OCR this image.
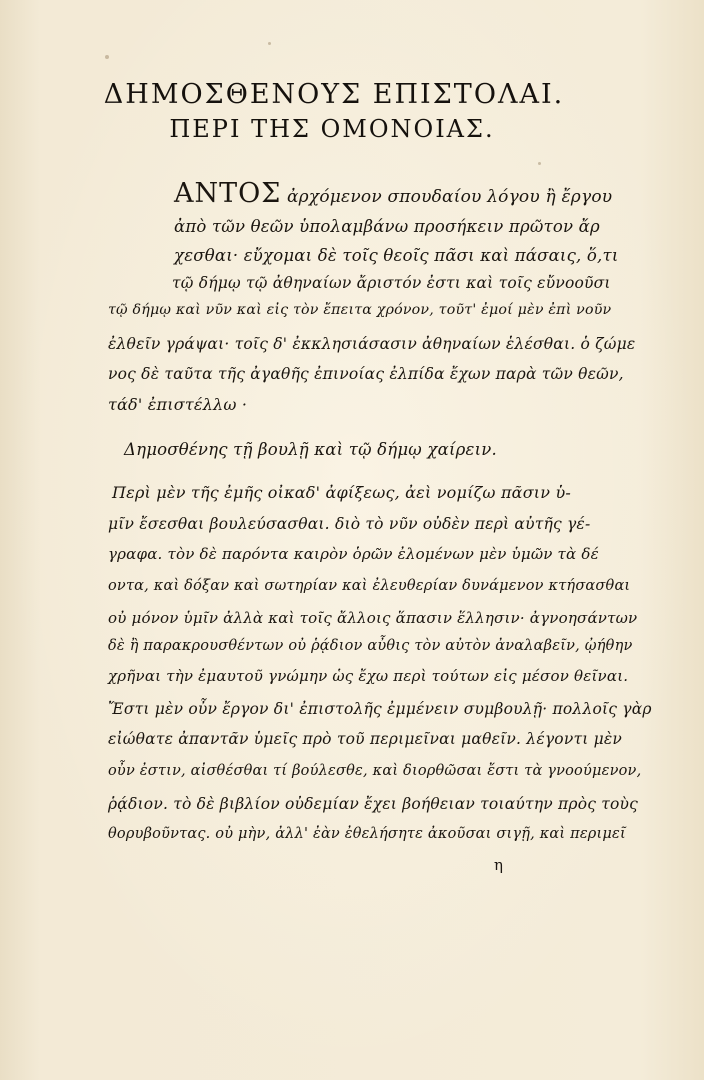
ΔΗΜΟΣΘΕΝΟΥΣ ΕΠΙΣΤΟΛΑΙ.
ΠΕΡΙ ΤΗΣ ΟΜΟΝΟΙΑΣ.
ΑΝΤΟΣ ἀρχόμενον σπουδαίου λόγου ἢ ἔργου
ἀπὸ τῶν θεῶν ὑπολαμβάνω προσήκειν πρῶτον ἄρ
χεσθαι· εὔχομαι δὲ τοῖς θεοῖς πᾶσι καὶ πάσαις, ὅ,τι
τῷ δήμῳ τῷ ἀθηναίων ἄριστόν ἐστι καὶ τοῖς εὔνοοῦσι
τῷ δήμῳ καὶ νῦν καὶ εἰς τὸν ἔπειτα χρόνον, τοῦτ' ἐμοί μὲν ἐπὶ νοῦν
ἐλθεῖν γράψαι· τοῖς δ' ἐκκλησιάσασιν ἀθηναίων ἑλέσθαι. ὁ ζώμε
νος δὲ ταῦτα τῆς ἀγαθῆς ἐπινοίας ἐλπίδα ἔχων παρὰ τῶν θεῶν,
τάδ' ἐπιστέλλω ·
Δημοσθένης τῇ βουλῇ καὶ τῷ δήμῳ χαίρειν.
Περὶ μὲν τῆς ἐμῆς οἰκαδ' ἀφίξεως, ἀεὶ νομίζω πᾶσιν ὑ-
μῖν ἔσεσθαι βουλεύσασθαι. διὸ τὸ νῦν οὐδὲν περὶ αὐτῆς γέ-
γραφα. τὸν δὲ παρόντα καιρὸν ὁρῶν ἐλομένων μὲν ὑμῶν τὰ δέ
οντα, καὶ δόξαν καὶ σωτηρίαν καὶ ἐλευθερίαν δυνάμενον κτήσασθαι
οὐ μόνον ὑμῖν ἀλλὰ καὶ τοῖς ἄλλοις ἅπασιν ἕλλησιν· ἀγνοησάντων
δὲ ἢ παρακρουσθέντων οὐ ῥᾴδιον αὖθις τὸν αὐτὸν ἀναλαβεῖν, ᾠήθην
χρῆναι τὴν ἐμαυτοῦ γνώμην ὡς ἔχω περὶ τούτων εἰς μέσον θεῖναι.
Ἔστι μὲν οὖν ἔργον δι' ἐπιστολῆς ἐμμένειν συμβουλῇ· πολλοῖς γὰρ
εἰώθατε ἀπαντᾶν ὑμεῖς πρὸ τοῦ περιμεῖναι μαθεῖν. λέγοντι μὲν
οὖν ἐστιν, αἰσθέσθαι τί βούλεσθε, καὶ διορθῶσαι ἔστι τὰ γνοούμενον,
ῥᾴδιον. τὸ δὲ βιβλίον οὐδεμίαν ἔχει βοήθειαν τοιαύτην πρὸς τοὺς
θορυβοῦντας. οὐ μὴν, ἀλλ' ἐὰν ἐθελήσητε ἀκοῦσαι σιγῇ, καὶ περιμεῖ
η
